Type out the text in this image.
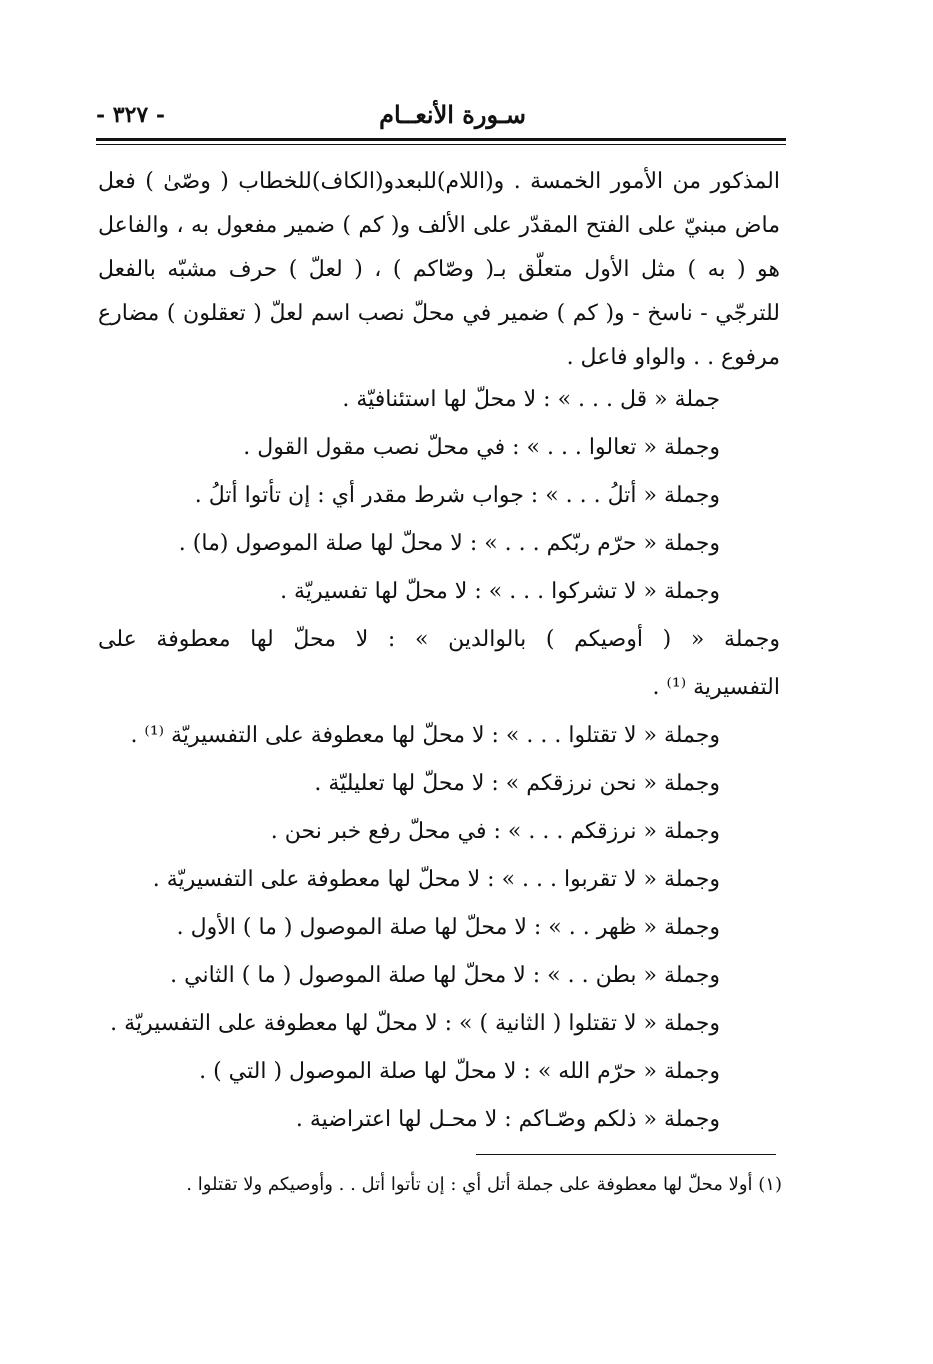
سـورة الأنعــام
- ٣٢٧ -

المذكور من الأمور الخمسة . و(اللام)للبعدو(الكاف)للخطاب ( وصّىٰ ) فعل ماض مبنيّ على الفتح المقدّر على الألف و( كم ) ضمير مفعول به ، والفاعل هو ( به ) مثل الأول متعلّق بـ( وصّاكم ) ، ( لعلّ ) حرف مشبّه بالفعل للترجّي - ناسخ - و( كم ) ضمير في محلّ نصب اسم لعلّ ( تعقلون ) مضارع مرفوع . . والواو فاعل .

جملة « قل . . . » : لا محلّ لها استئنافيّة .
وجملة « تعالوا . . . » : في محلّ نصب مقول القول .
وجملة « أتلُ . . . » : جواب شرط مقدر أي : إن تأتوا أتلُ .
وجملة « حرّم ربّكم . . . » : لا محلّ لها صلة الموصول (ما) .
وجملة « لا تشركوا . . . » : لا محلّ لها تفسيريّة .
وجملة « ( أوصيكم ) بالوالدين » : لا محلّ لها معطوفة على
التفسيرية ⁽¹⁾ .
وجملة « لا تقتلوا . . . » : لا محلّ لها معطوفة على التفسيريّة ⁽¹⁾ .
وجملة « نحن نرزقكم » : لا محلّ لها تعليليّة .
وجملة « نرزقكم . . . » : في محلّ رفع خبر نحن .
وجملة « لا تقربوا . . . » : لا محلّ لها معطوفة على التفسيريّة .
وجملة « ظهر . . » : لا محلّ لها صلة الموصول ( ما ) الأول .
وجملة « بطن . . » : لا محلّ لها صلة الموصول ( ما ) الثاني .
وجملة « لا تقتلوا ( الثانية ) » : لا محلّ لها معطوفة على التفسيريّة .
وجملة « حرّم الله » : لا محلّ لها صلة الموصول ( التي ) .
وجملة « ذلكم وصّـاكم : لا محـل لها اعتراضية .
(١) أولا محلّ لها معطوفة على جملة أتل أي : إن تأتوا أتل . . وأوصيكم ولا تقتلوا .
